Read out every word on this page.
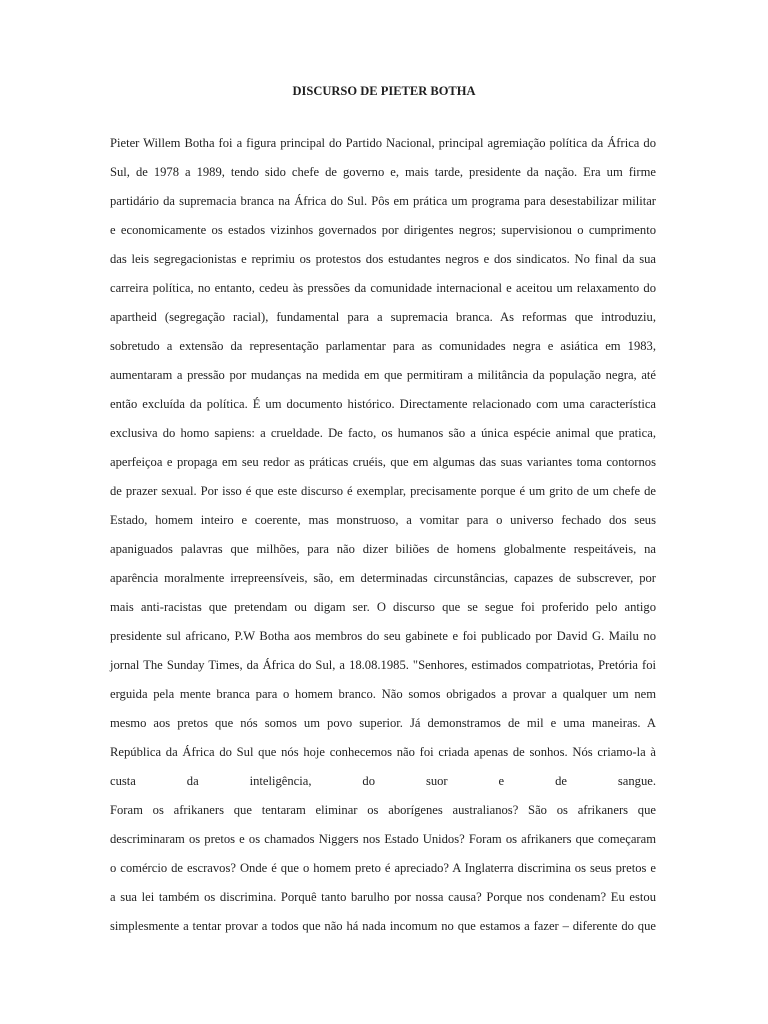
DISCURSO DE PIETER BOTHA
Pieter Willem Botha foi a figura principal do Partido Nacional, principal agremiação política da África do
Sul, de 1978 a 1989, tendo sido chefe de governo e, mais tarde, presidente da nação. Era um firme
partidário da supremacia branca na África do Sul. Pôs em prática um programa para desestabilizar militar
e economicamente os estados vizinhos governados por dirigentes negros; supervisionou o cumprimento
das leis segregacionistas e reprimiu os protestos dos estudantes negros e dos sindicatos. No final da sua
carreira política, no entanto, cedeu às pressões da comunidade internacional e aceitou um relaxamento do
apartheid (segregação racial), fundamental para a supremacia branca. As reformas que introduziu,
sobretudo a extensão da representação parlamentar para as comunidades negra e asiática em 1983,
aumentaram a pressão por mudanças na medida em que permitiram a militância da população negra, até
então excluída da política. É um documento histórico. Directamente relacionado com uma característica
exclusiva do homo sapiens: a crueldade. De facto, os humanos são a única espécie animal que pratica,
aperfeiçoa e propaga em seu redor as práticas cruéis, que em algumas das suas variantes toma contornos
de prazer sexual. Por isso é que este discurso é exemplar, precisamente porque é um grito de um chefe de
Estado, homem inteiro e coerente, mas monstruoso, a vomitar para o universo fechado dos seus
apaniguados palavras que milhões, para não dizer biliões de homens globalmente respeitáveis, na
aparência moralmente irrepreensíveis, são, em determinadas circunstâncias, capazes de subscrever, por
mais anti-racistas que pretendam ou digam ser. O discurso que se segue foi proferido pelo antigo
presidente sul africano, P.W Botha aos membros do seu gabinete e foi publicado por David G. Mailu no
jornal The Sunday Times, da África do Sul, a 18.08.1985. "Senhores, estimados compatriotas, Pretória foi
erguida pela mente branca para o homem branco. Não somos obrigados a provar a qualquer um nem
mesmo aos pretos que nós somos um povo superior. Já demonstramos de mil e uma maneiras. A
República da África do Sul que nós hoje conhecemos não foi criada apenas de sonhos. Nós criamo-la à
custa da inteligência, do suor e de sangue.
Foram os afrikaners que tentaram eliminar os aborígenes australianos? São os afrikaners que
descriminaram os pretos e os chamados Niggers nos Estado Unidos? Foram os afrikaners que começaram
o comércio de escravos? Onde é que o homem preto é apreciado? A Inglaterra discrimina os seus pretos e
a sua lei também os discrimina. Porquê tanto barulho por nossa causa? Porque nos condenam? Eu estou
simplesmente a tentar provar a todos que não há nada incomum no que estamos a fazer – diferente do que
